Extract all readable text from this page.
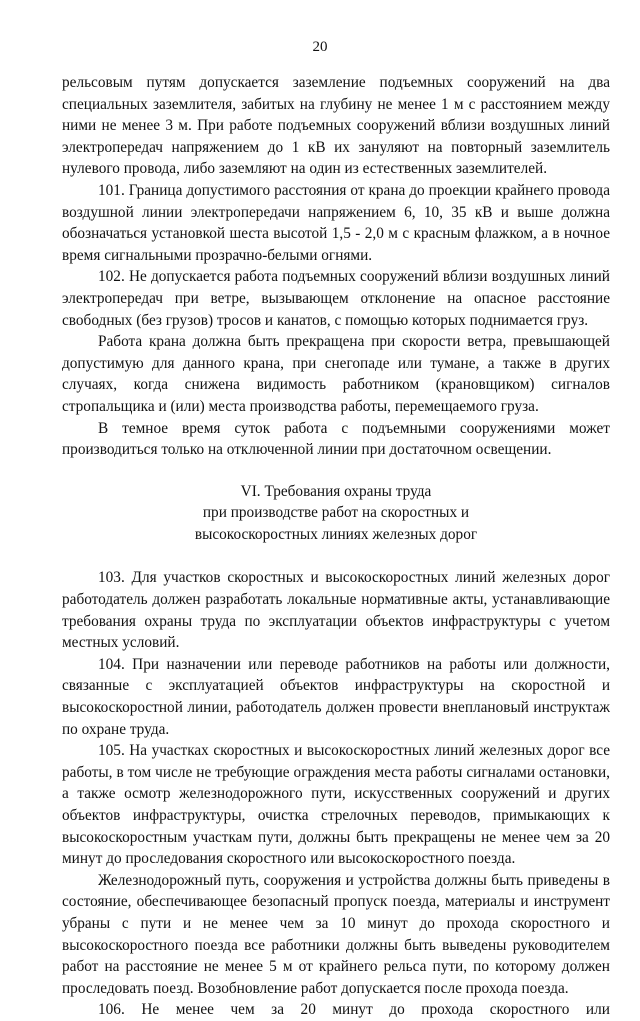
20

рельсовым путям допускается заземление подъемных сооружений на два специальных заземлителя, забитых на глубину не менее 1 м с расстоянием между ними не менее 3 м. При работе подъемных сооружений вблизи воздушных линий электропередач напряжением до 1 кВ их зануляют на повторный заземлитель нулевого провода, либо заземляют на один из естественных заземлителей.

101. Граница допустимого расстояния от крана до проекции крайнего провода воздушной линии электропередачи напряжением 6, 10, 35 кВ и выше должна обозначаться установкой шеста высотой 1,5 - 2,0 м с красным флажком, а в ночное время сигнальными прозрачно-белыми огнями.

102. Не допускается работа подъемных сооружений вблизи воздушных линий электропередач при ветре, вызывающем отклонение на опасное расстояние свободных (без грузов) тросов и канатов, с помощью которых поднимается груз.

Работа крана должна быть прекращена при скорости ветра, превышающей допустимую для данного крана, при снегопаде или тумане, а также в других случаях, когда снижена видимость работником (крановщиком) сигналов стропальщика и (или) места производства работы, перемещаемого груза.

В темное время суток работа с подъемными сооружениями может производиться только на отключенной линии при достаточном освещении.

VI. Требования охраны труда
при производстве работ на скоростных и
высокоскоростных линиях железных дорог

103. Для участков скоростных и высокоскоростных линий железных дорог работодатель должен разработать локальные нормативные акты, устанавливающие требования охраны труда по эксплуатации объектов инфраструктуры с учетом местных условий.

104. При назначении или переводе работников на работы или должности, связанные с эксплуатацией объектов инфраструктуры на скоростной и высокоскоростной линии, работодатель должен провести внеплановый инструктаж по охране труда.

105. На участках скоростных и высокоскоростных линий железных дорог все работы, в том числе не требующие ограждения места работы сигналами остановки, а также осмотр железнодорожного пути, искусственных сооружений и других объектов инфраструктуры, очистка стрелочных переводов, примыкающих к высокоскоростным участкам пути, должны быть прекращены не менее чем за 20 минут до проследования скоростного или высокоскоростного поезда.

Железнодорожный путь, сооружения и устройства должны быть приведены в состояние, обеспечивающее безопасный пропуск поезда, материалы и инструмент убраны с пути и не менее чем за 10 минут до прохода скоростного и высокоскоростного поезда все работники должны быть выведены руководителем работ на расстояние не менее 5 м от крайнего рельса пути, по которому должен проследовать поезд. Возобновление работ допускается после прохода поезда.

106. Не менее чем за 20 минут до прохода скоростного или
